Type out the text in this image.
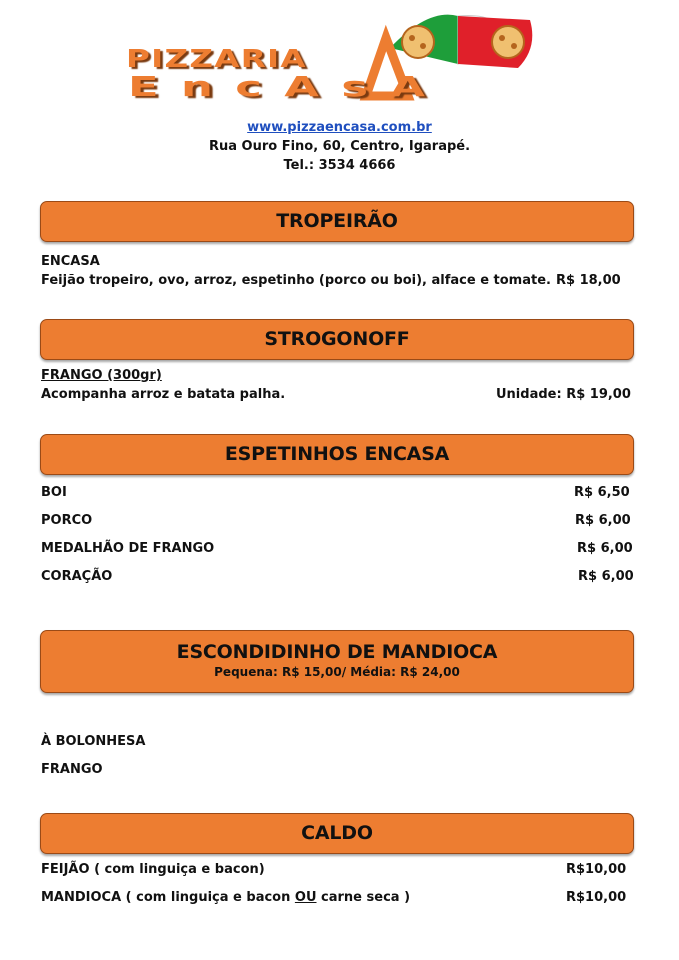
PIZZARIA
EncAsA
www.pizzaencasa.com.br
Rua Ouro Fino, 60, Centro, Igarapé.
Tel.: 3534 4666
TROPEIRÃO
ENCASA
Feijão tropeiro, ovo, arroz, espetinho (porco ou boi), alface e tomate. R$ 18,00
STROGONOFF
FRANGO (300gr)
Acompanha arroz e batata palha.	Unidade: R$ 19,00
ESPETINHOS ENCASA
BOI	R$ 6,50
PORCO	R$ 6,00
MEDALHÃO DE FRANGO	R$ 6,00
CORAÇÃO	R$ 6,00
ESCONDIDINHO DE MANDIOCA
Pequena: R$ 15,00/ Média: R$ 24,00
À BOLONHESA
FRANGO
CALDO
FEIJÃO ( com linguiça e bacon)	R$10,00
MANDIOCA ( com linguiça e bacon OU carne seca )	R$10,00
